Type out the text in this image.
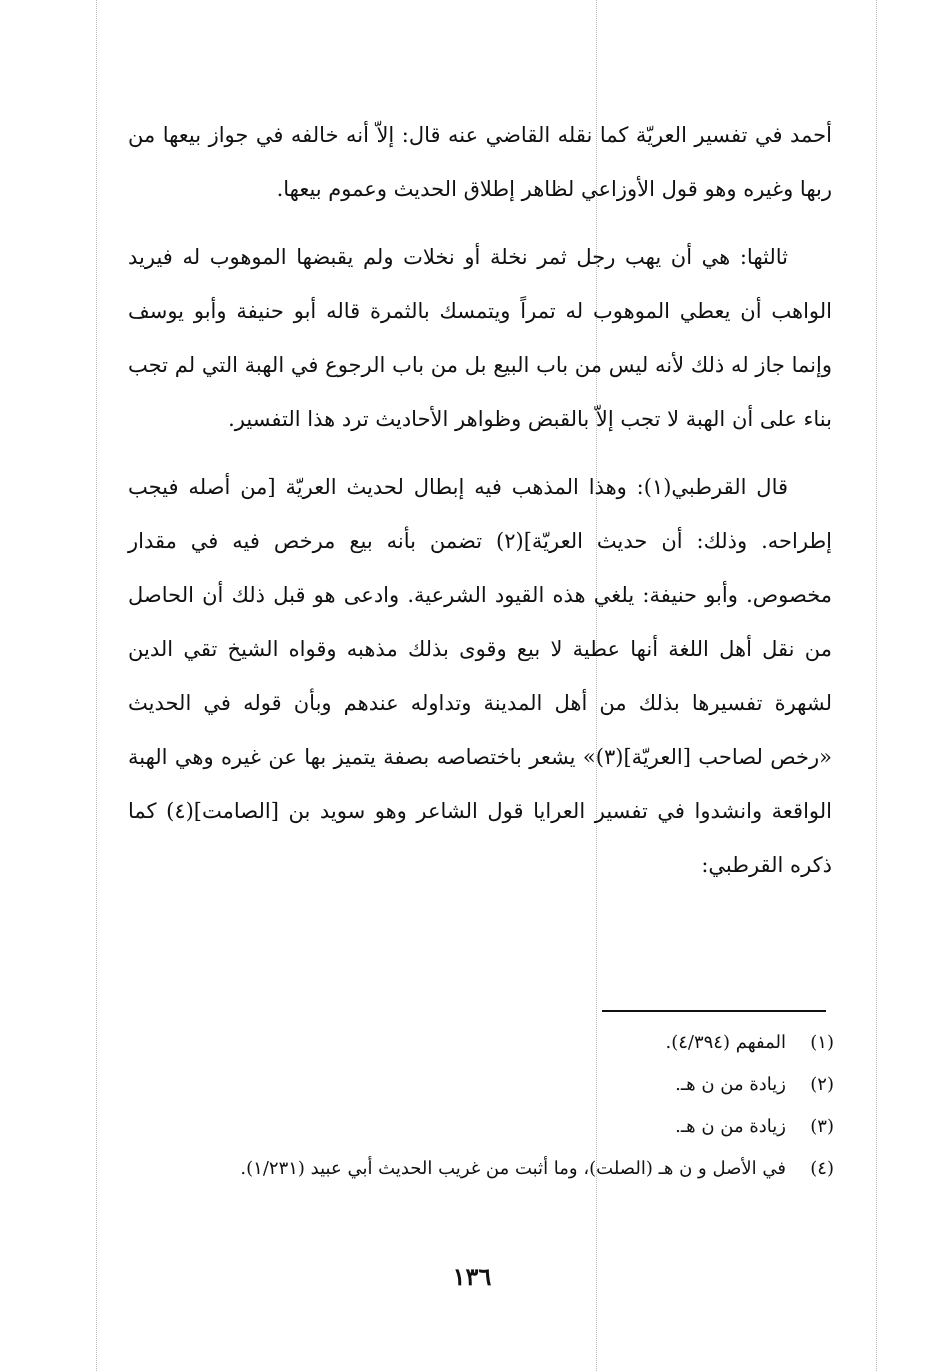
أحمد في تفسير العريّة كما نقله القاضي عنه قال: إلاّ أنه خالفه في جواز بيعها من ربها وغيره وهو قول الأوزاعي لظاهر إطلاق الحديث وعموم بيعها.

ثالثها: هي أن يهب رجل ثمر نخلة أو نخلات ولم يقبضها الموهوب له فيريد الواهب أن يعطي الموهوب له تمراً ويتمسك بالثمرة قاله أبو حنيفة وأبو يوسف وإنما جاز له ذلك لأنه ليس من باب البيع بل من باب الرجوع في الهبة التي لم تجب بناء على أن الهبة لا تجب إلاّ بالقبض وظواهر الأحاديث ترد هذا التفسير.

قال القرطبي(١): وهذا المذهب فيه إبطال لحديث العريّة [من أصله فيجب إطراحه. وذلك: أن حديث العريّة](٢) تضمن بأنه بيع مرخص فيه في مقدار مخصوص. وأبو حنيفة: يلغي هذه القيود الشرعية. وادعى هو قبل ذلك أن الحاصل من نقل أهل اللغة أنها عطية لا بيع وقوى بذلك مذهبه وقواه الشيخ تقي الدين لشهرة تفسيرها بذلك من أهل المدينة وتداوله عندهم وبأن قوله في الحديث «رخص لصاحب [العريّة](٣)» يشعر باختصاصه بصفة يتميز بها عن غيره وهي الهبة الواقعة وانشدوا في تفسير العرايا قول الشاعر وهو سويد بن [الصامت](٤) كما ذكره القرطبي:

(١)
المفهم (٤/٣٩٤).

(٢)
زيادة من ن هـ.

(٣)
زيادة من ن هـ.

(٤)
في الأصل و ن هـ (الصلت)، وما أثبت من غريب الحديث أبي عبيد (١/٢٣١).

١٣٦
